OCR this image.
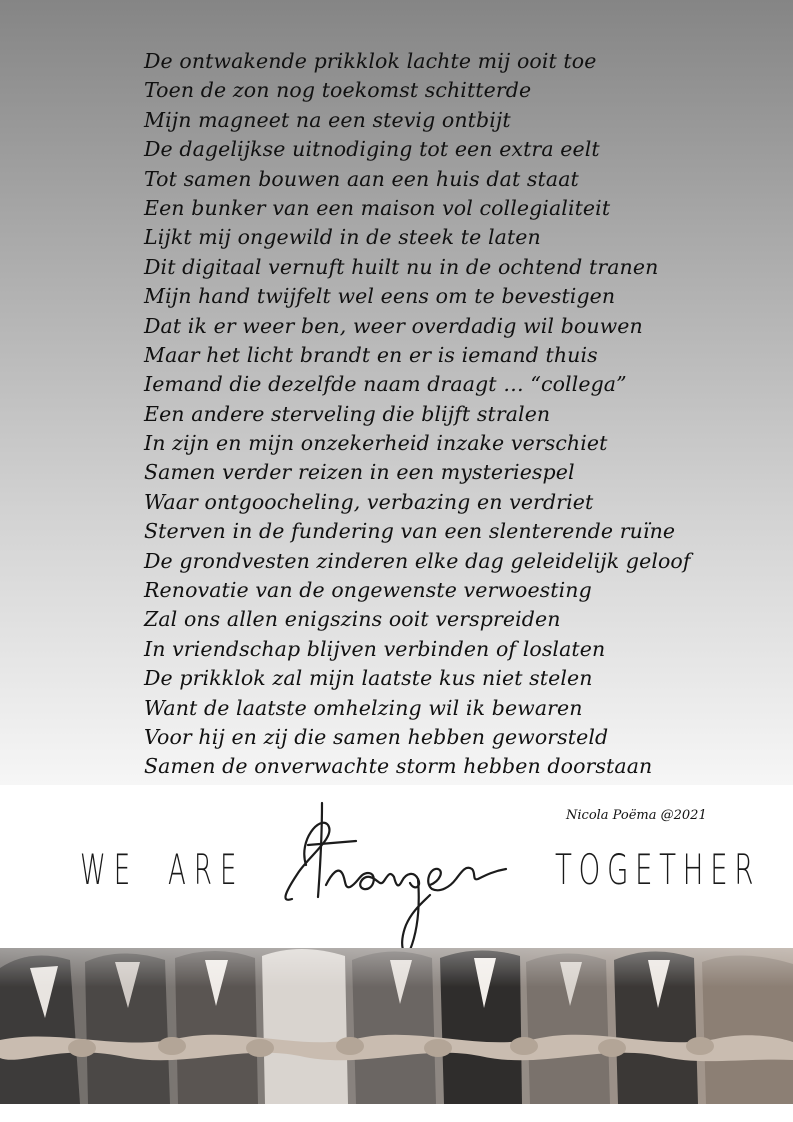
De ontwakende prikklok lachte mij ooit toe
Toen de zon nog toekomst schitterde
Mijn magneet na een stevig ontbijt
De dagelijkse uitnodiging tot een extra eelt
Tot samen bouwen aan een huis dat staat
Een bunker van een maison vol collegialiteit
Lijkt mij ongewild in de steek te laten
Dit digitaal vernuft huilt nu in de ochtend tranen
Mijn hand twijfelt wel eens om te bevestigen
Dat ik er weer ben, weer overdadig wil bouwen
Maar het licht brandt en er is iemand thuis
Iemand die dezelfde naam draagt … “collega”
Een andere sterveling die blijft stralen
In zijn en mijn onzekerheid inzake verschiet
Samen verder reizen in een mysteriespel
Waar ontgoocheling, verbazing en verdriet
Sterven in de fundering van een slenterende ruïne
De grondvesten zinderen elke dag geleidelijk geloof
Renovatie van de ongewenste verwoesting
Zal ons allen enigszins ooit verspreiden
In vriendschap blijven verbinden of loslaten
De prikklok zal mijn laatste kus niet stelen
Want de laatste omhelzing wil ik bewaren
Voor hij en zij die samen hebben geworsteld
Samen de onverwachte storm hebben doorstaan
Nicola Poëma @2021
WE ARE	TOGETHER
